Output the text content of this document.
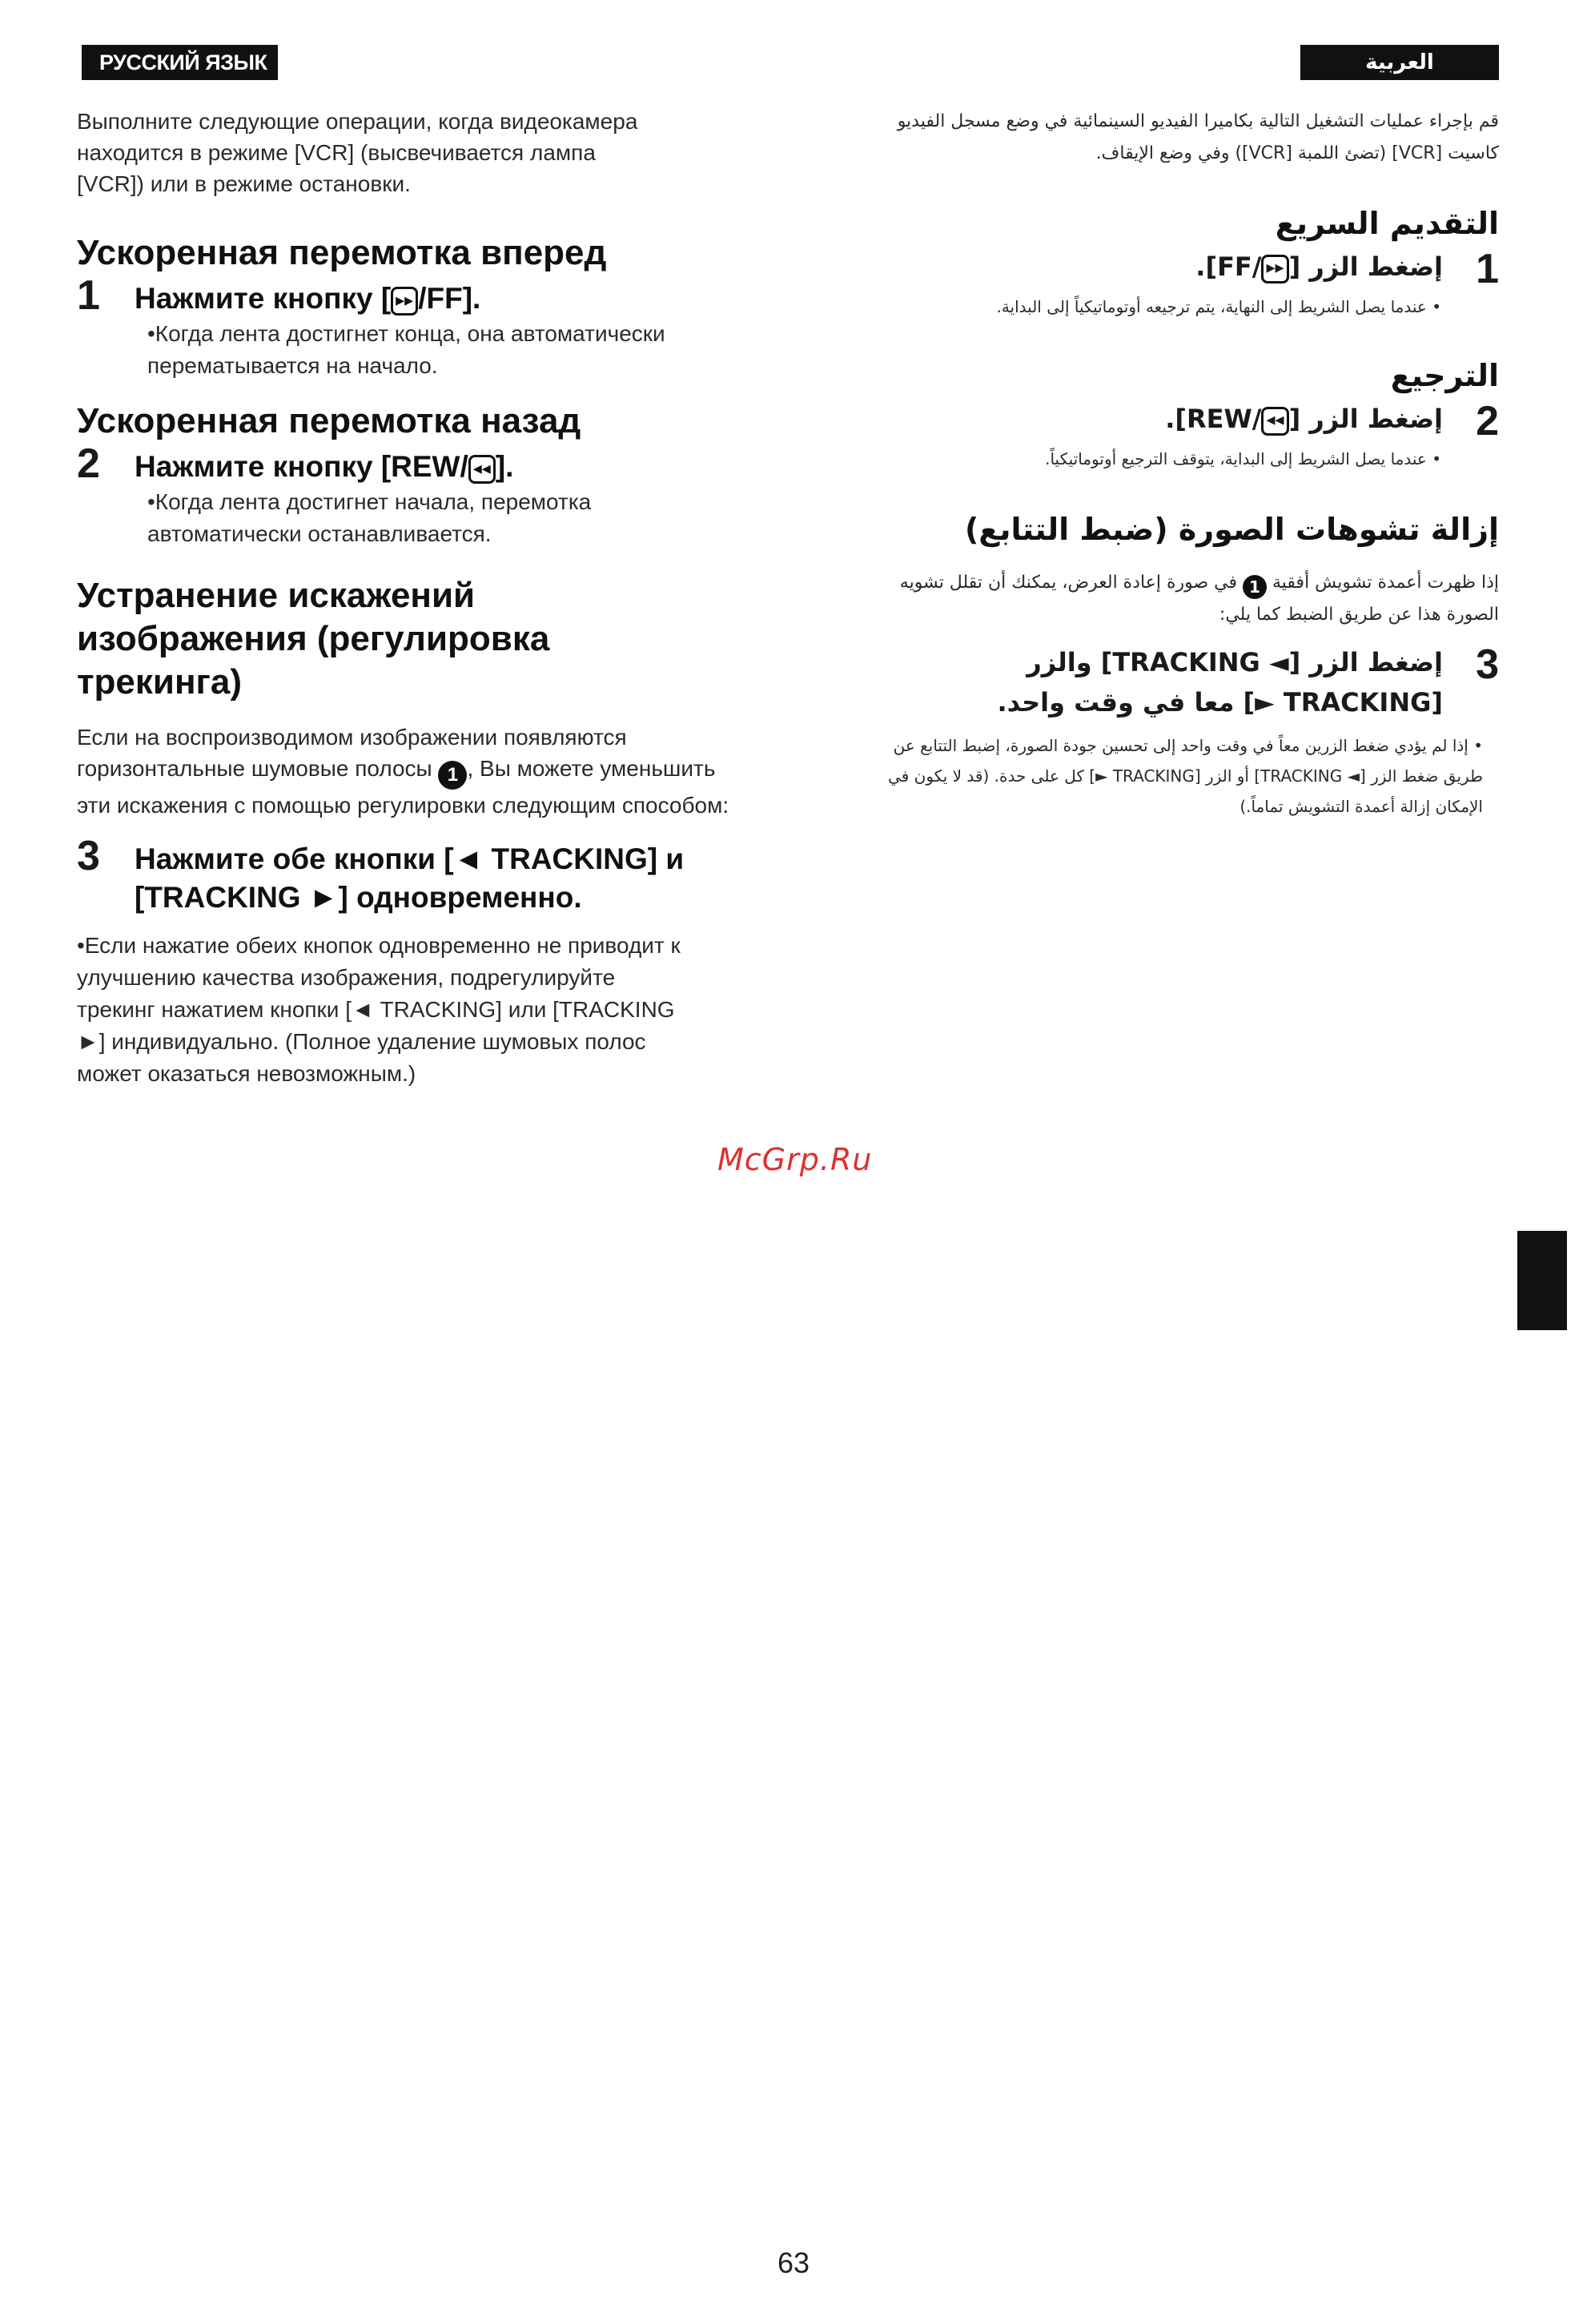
РУССКИЙ ЯЗЫК	العربية

Выполните следующие операции, когда видеокамера находится в режиме [VCR] (высвечивается лампа [VCR]) или в режиме остановки.

Ускоренная перемотка вперед
1	Нажмите кнопку [ ▸▸ /FF].

•Когда лента достигнет конца, она автоматически перематывается на начало.

Ускоренная перемотка назад
2	Нажмите кнопку [REW/ ◂◂ ].

•Когда лента достигнет начала, перемотка автоматически останавливается.

Устранение искажений изображения (регулировка трекинга)

Если на воспроизводимом изображении появляются горизонтальные шумовые полосы 1 , Вы можете уменьшить эти искажения с помощью регулировки следующим способом:

3	Нажмите обе кнопки [◄ TRACKING] и [TRACKING ►] одновременно.

•Если нажатие обеих кнопок одновременно не приводит к улучшению качества изображения, подрегулируйте трекинг нажатием кнопки [◄ TRACKING] или [TRACKING ►] индивидуально. (Полное удаление шумовых полос может оказаться невозможным.)

قم بإجراء عمليات التشغيل التالية بكاميرا الفيديو السينمائية في وضع مسجل الفيديو كاسيت [VCR] (تضئ اللمبة [VCR]) وفي وضع الإيقاف.

التقديم السريع
1
إضغط الزر [▸▸/FF].

• عندما يصل الشريط إلى النهاية، يتم ترجيعه أوتوماتيكياً إلى البداية.

الترجيع
2
إضغط الزر [◂◂/REW].

• عندما يصل الشريط إلى البداية، يتوقف الترجيع أوتوماتيكياً.

إزالة تشوهات الصورة (ضبط التتابع)

إذا ظهرت أعمدة تشويش أفقية 1 في صورة إعادة العرض، يمكنك أن تقلل تشويه الصورة هذا عن طريق الضبط كما يلي:

3
إضغط الزر [◄ TRACKING] والزر [TRACKING ►] معا في وقت واحد.

• إذا لم يؤدي ضغط الزرين معاً في وقت واحد إلى تحسين جودة الصورة، إضبط التتابع عن طريق ضغط الزر [◄ TRACKING] أو الزر [TRACKING ►] كل على حدة. (قد لا يكون في الإمكان إزالة أعمدة التشويش تماماً.)

McGrp.Ru
63
